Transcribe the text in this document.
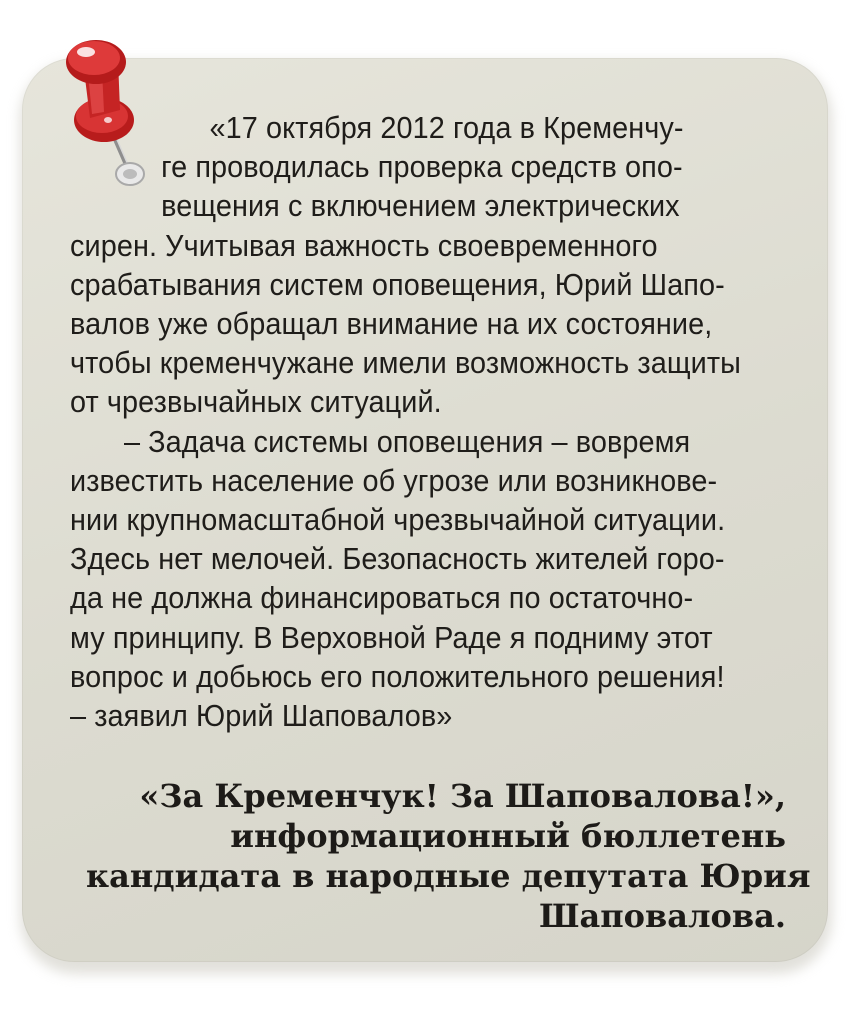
«17 октября 2012 года в Кременчу-
ге проводилась проверка средств опо-
вещения с включением электрических
сирен. Учитывая важность своевременного
срабатывания систем оповещения, Юрий Шапо-
валов уже обращал внимание на их состояние,
чтобы кременчужане имели возможность защиты
от чрезвычайных ситуаций.
– Задача системы оповещения – вовремя
известить население об угрозе или возникнове-
нии крупномасштабной чрезвычайной ситуации.
Здесь нет мелочей. Безопасность жителей горо-
да не должна финансироваться по остаточно-
му принципу. В Верховной Раде я подниму этот
вопрос и добьюсь его положительного решения!
– заявил Юрий Шаповалов»
«За Кременчук! За Шаповалова!»,
информационный бюллетень
кандидата в народные депутата Юрия
Шаповалова.
